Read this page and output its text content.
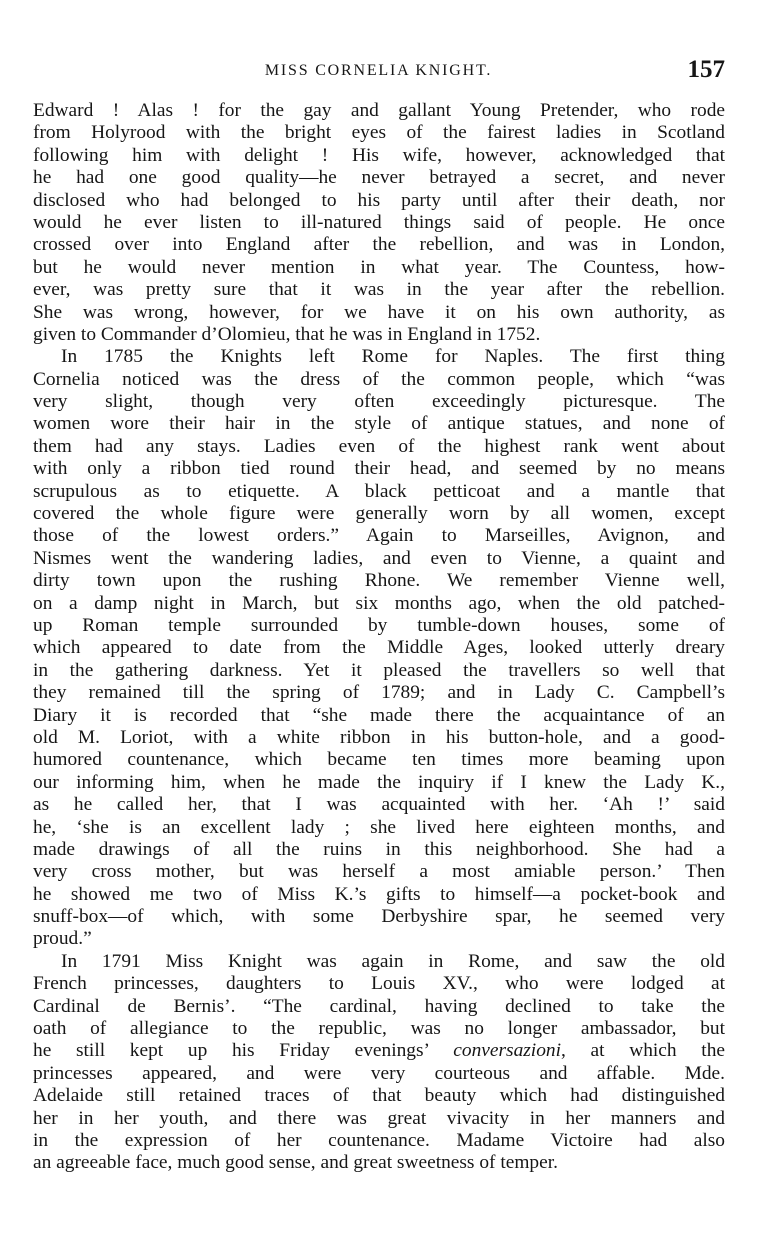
MISS CORNELIA KNIGHT.	157
Edward ! Alas ! for the gay and gallant Young Pretender, who rode
from Holyrood with the bright eyes of the fairest ladies in Scotland
following him with delight ! His wife, however, acknowledged that
he had one good quality—he never betrayed a secret, and never
disclosed who had belonged to his party until after their death, nor
would he ever listen to ill-natured things said of people. He once
crossed over into England after the rebellion, and was in London,
but he would never mention in what year. The Countess, how-
ever, was pretty sure that it was in the year after the rebellion.
She was wrong, however, for we have it on his own authority, as
given to Commander d’Olomieu, that he was in England in 1752.
In 1785 the Knights left Rome for Naples. The first thing
Cornelia noticed was the dress of the common people, which “was
very slight, though very often exceedingly picturesque. The
women wore their hair in the style of antique statues, and none of
them had any stays. Ladies even of the highest rank went about
with only a ribbon tied round their head, and seemed by no means
scrupulous as to etiquette. A black petticoat and a mantle that
covered the whole figure were generally worn by all women, except
those of the lowest orders.” Again to Marseilles, Avignon, and
Nismes went the wandering ladies, and even to Vienne, a quaint and
dirty town upon the rushing Rhone. We remember Vienne well,
on a damp night in March, but six months ago, when the old patched-
up Roman temple surrounded by tumble-down houses, some of
which appeared to date from the Middle Ages, looked utterly dreary
in the gathering darkness. Yet it pleased the travellers so well that
they remained till the spring of 1789; and in Lady C. Campbell’s
Diary it is recorded that “she made there the acquaintance of an
old M. Loriot, with a white ribbon in his button-hole, and a good-
humored countenance, which became ten times more beaming upon
our informing him, when he made the inquiry if I knew the Lady K.,
as he called her, that I was acquainted with her. ‘Ah !’ said
he, ‘she is an excellent lady ; she lived here eighteen months, and
made drawings of all the ruins in this neighborhood. She had a
very cross mother, but was herself a most amiable person.’ Then
he showed me two of Miss K.’s gifts to himself—a pocket-book and
snuff-box—of which, with some Derbyshire spar, he seemed very
proud.”
In 1791 Miss Knight was again in Rome, and saw the old
French princesses, daughters to Louis XV., who were lodged at
Cardinal de Bernis’. “The cardinal, having declined to take the
oath of allegiance to the republic, was no longer ambassador, but
he still kept up his Friday evenings’ conversazioni, at which the
princesses appeared, and were very courteous and affable. Mde.
Adelaide still retained traces of that beauty which had distinguished
her in her youth, and there was great vivacity in her manners and
in the expression of her countenance. Madame Victoire had also
an agreeable face, much good sense, and great sweetness of temper.
